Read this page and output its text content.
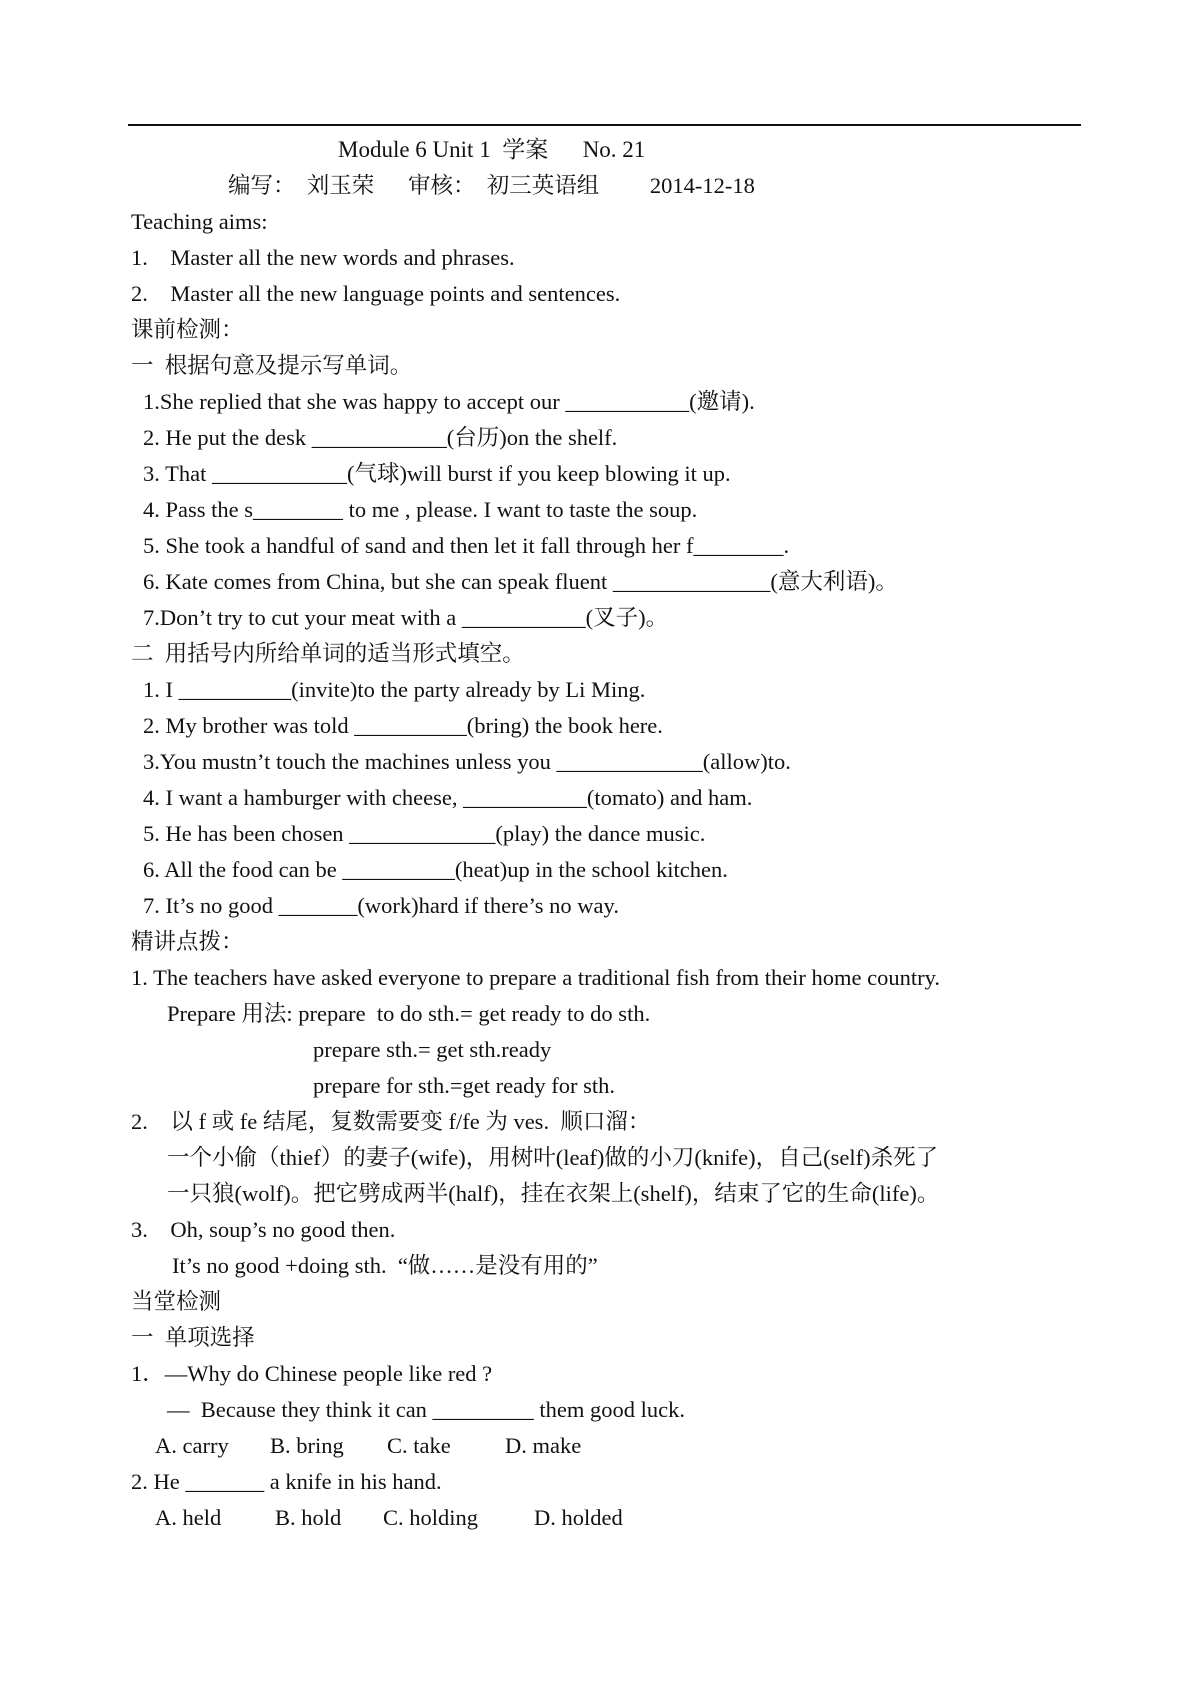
Module 6 Unit 1  学案      No. 21
编写：  刘玉荣      审核：  初三英语组         2014-12-18
Teaching aims:
1.    Master all the new words and phrases.
2.    Master all the new language points and sentences.
课前检测：
一  根据句意及提示写单词。
1.She replied that she was happy to accept our ___________(邀请).
2. He put the desk ____________(台历)on the shelf.
3. That ____________(气球)will burst if you keep blowing it up.
4. Pass the s________ to me , please. I want to taste the soup.
5. She took a handful of sand and then let it fall through her f________.
6. Kate comes from China, but she can speak fluent ______________(意大利语)。
7.Don’t try to cut your meat with a ___________(叉子)。
二  用括号内所给单词的适当形式填空。
1. I __________(invite)to the party already by Li Ming.
2. My brother was told __________(bring) the book here.
3.You mustn’t touch the machines unless you _____________(allow)to.
4. I want a hamburger with cheese, ___________(tomato) and ham.
5. He has been chosen _____________(play) the dance music.
6. All the food can be __________(heat)up in the school kitchen.
7. It’s no good _______(work)hard if there’s no way.
精讲点拨：
1. The teachers have asked everyone to prepare a traditional fish from their home country.
Prepare 用法: prepare  to do sth.= get ready to do sth.
prepare sth.= get sth.ready
prepare for sth.=get ready for sth.
2.    以 f 或 fe 结尾，复数需要变 f/fe 为 ves.  顺口溜：
一个小偷（thief）的妻子(wife)，用树叶(leaf)做的小刀(knife)，自己(self)杀死了
一只狼(wolf)。把它劈成两半(half)，挂在衣架上(shelf)，结束了它的生命(life)。
3.    Oh, soup’s no good then.
It’s no good +doing sth.  “做……是没有用的”
当堂检测
一  单项选择
1．—Why do Chinese people like red ?
—  Because they think it can _________ them good luck.
A. carry B. bring C. take D. make
2. He _______ a knife in his hand.
A. held B. hold C. holding D. holded
